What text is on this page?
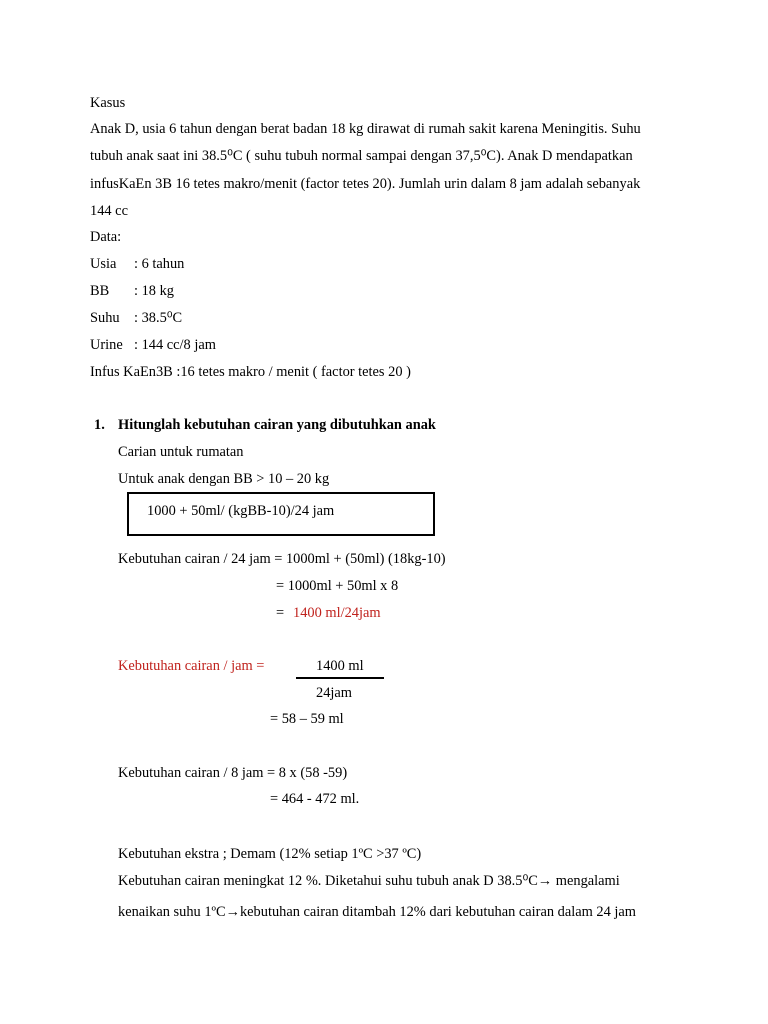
Kasus
Anak D, usia 6 tahun dengan berat badan 18 kg dirawat di rumah sakit karena Meningitis. Suhu
tubuh anak saat ini 38.5⁰C ( suhu tubuh normal sampai dengan 37,5⁰C). Anak D mendapatkan
infusKaEn 3B 16 tetes makro/menit (factor tetes 20). Jumlah urin dalam 8 jam adalah sebanyak
144 cc
Data:
Usia : 6 tahun
BB : 18 kg
Suhu : 38.5⁰C
Urine : 144 cc/8 jam
Infus KaEn3B :16 tetes makro / menit ( factor tetes 20 )
1. Hitunglah kebutuhan cairan yang dibutuhkan anak
Carian untuk rumatan
Untuk anak dengan BB > 10 – 20 kg
1000 + 50ml/ (kgBB-10)/24 jam
Kebutuhan cairan / 24 jam = 1000ml + (50ml) (18kg-10)
= 1000ml + 50ml x 8
= 1400 ml/24jam
Kebutuhan cairan / jam =	1400 ml
24jam
= 58 – 59 ml
Kebutuhan cairan / 8 jam = 8 x (58 -59)
= 464 - 472 ml.
Kebutuhan ekstra ; Demam (12% setiap 1ºC >37 ºC)
Kebutuhan cairan meningkat 12 %. Diketahui suhu tubuh anak D 38.5⁰C→ mengalami
kenaikan suhu 1ºC→kebutuhan cairan ditambah 12% dari kebutuhan cairan dalam 24 jam
